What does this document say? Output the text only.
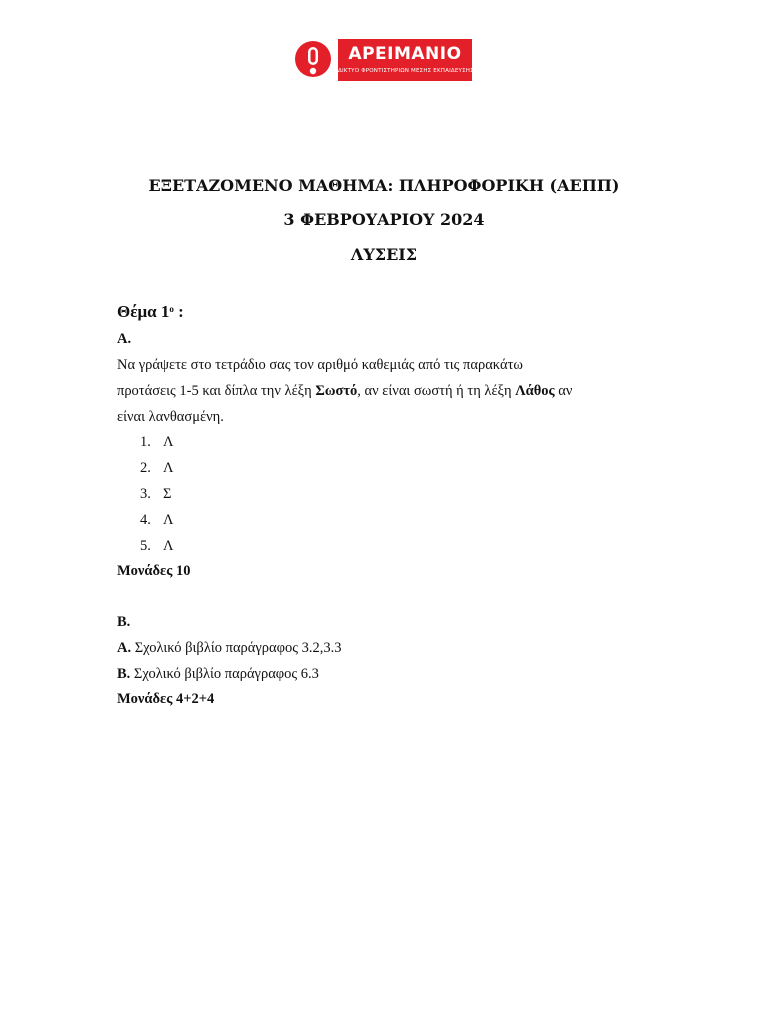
ΑΡΕΙΜΑΝΙΟ
ΔΙΚΤΥΟ ΦΡΟΝΤΙΣΤΗΡΙΩΝ ΜΕΣΗΣ ΕΚΠΑΙΔΕΥΣΗΣ
ΕΞΕΤΑΖΟΜΕΝΟ ΜΑΘΗΜΑ: ΠΛΗΡΟΦΟΡΙΚΗ (ΑΕΠΠ)
3 ΦΕΒΡΟΥΑΡΙΟΥ 2024
ΛΥΣΕΙΣ
Θέμα $1^o$ :
Α.
Να γράψετε στο τετράδιο σας τον αριθμό καθεμιάς από τις παρακάτω
προτάσεις 1-5 και δίπλα την λέξη Σωστό, αν είναι σωστή ή τη λέξη Λάθος αν
είναι λανθασμένη.
1. Λ
2. Λ
3. Σ
4. Λ
5. Λ
Μονάδες 10
Β.
Α. Σχολικό βιβλίο παράγραφος 3.2,3.3
Β. Σχολικό βιβλίο παράγραφος 6.3
Μονάδες 4+2+4
